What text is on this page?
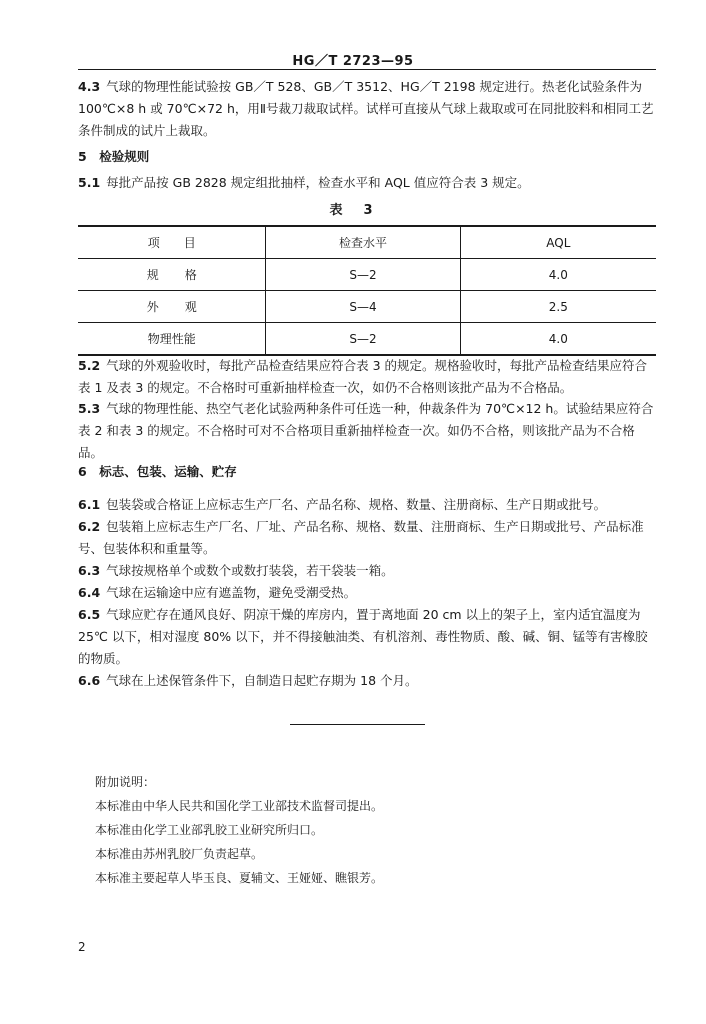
HG／T 2723—95

4.3 气球的物理性能试验按 GB／T 528、GB／T 3512、HG／T 2198 规定进行。热老化试验条件为 100℃×8 h 或 70℃×72 h，用Ⅱ号裁刀裁取试样。试样可直接从气球上裁取或可在同批胶料和相同工艺条件制成的试片上裁取。

5　检验规则

5.1 每批产品按 GB 2828 规定组批抽样，检查水平和 AQL 值应符合表 3 规定。

表　3
项　　目	检查水平	AQL
规格	S—2	4.0
外观	S—4	2.5
物理性能	S—2	4.0

5.2 气球的外观验收时，每批产品检查结果应符合表 3 的规定。规格验收时，每批产品检查结果应符合表 1 及表 3 的规定。不合格时可重新抽样检查一次，如仍不合格则该批产品为不合格品。

5.3 气球的物理性能、热空气老化试验两种条件可任选一种，仲裁条件为 70℃×12 h。试验结果应符合表 2 和表 3 的规定。不合格时可对不合格项目重新抽样检查一次。如仍不合格，则该批产品为不合格品。

6　标志、包装、运输、贮存

6.1 包装袋或合格证上应标志生产厂名、产品名称、规格、数量、注册商标、生产日期或批号。

6.2 包装箱上应标志生产厂名、厂址、产品名称、规格、数量、注册商标、生产日期或批号、产品标准号、包装体积和重量等。

6.3 气球按规格单个或数个或数打装袋，若干袋装一箱。

6.4 气球在运输途中应有遮盖物，避免受潮受热。

6.5 气球应贮存在通风良好、阴凉干燥的库房内，置于离地面 20 cm 以上的架子上，室内适宜温度为 25℃ 以下，相对湿度 80% 以下，并不得接触油类、有机溶剂、毒性物质、酸、碱、铜、锰等有害橡胶的物质。

6.6 气球在上述保管条件下，自制造日起贮存期为 18 个月。

附加说明：
本标准由中华人民共和国化学工业部技术监督司提出。
本标准由化学工业部乳胶工业研究所归口。
本标准由苏州乳胶厂负责起草。
本标准主要起草人毕玉良、夏辅文、王娅娅、瞧银芳。
2
